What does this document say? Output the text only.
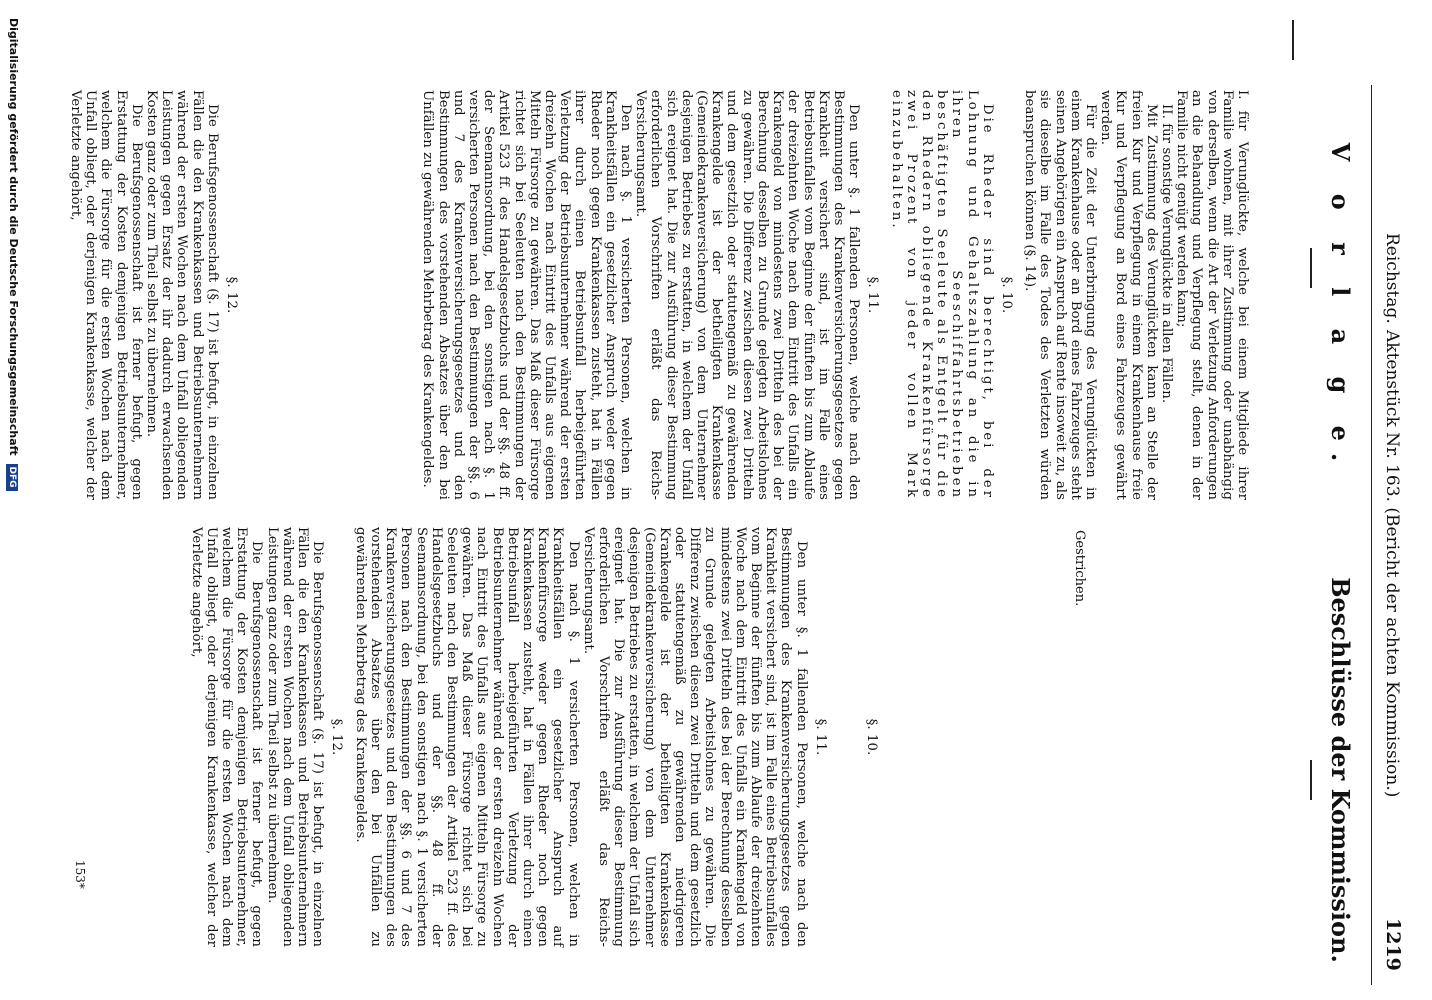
Reichstag.
Aktenstück Nr. 163. (Bericht der achten Kommission.)
1219
V o r l a g e.
Beschlüsse der Kommission.

I. für Verunglückte, welche bei einem Mitgliede ihrer Familie wohnen, mit ihrer Zustimmung oder unabhängig von derselben, wenn die Art der Verletzung Anforderungen an die Behandlung und Verpflegung stellt, denen in der Familie nicht genügt werden kann;

II. für sonstige Verunglückte in allen Fällen.

Mit Zustimmung des Verunglückten kann an Stelle der freien Kur und Verpflegung in einem Krankenhause freie Kur und Verpflegung an Bord eines Fahrzeuges gewährt werden.

Für die Zeit der Unterbringung des Verunglückten in einem Krankenhause oder an Bord eines Fahrzeuges steht seinen Angehörigen ein Anspruch auf Rente insoweit zu, als sie dieselbe im Falle des Todes des Verletzten würden beanspruchen können (§. 14).

§. 10.

Die Rheder sind berechtigt, bei der Lohnung und Gehaltszahlung an die in ihren Seeschiffahrtsbetrieben beschäftigten Seeleute als Entgelt für die den Rhedern obliegende Krankenfürsorge zwei Prozent von jeder vollen Mark einzubehalten.

§. 11.

Den unter §. 1 fallenden Personen, welche nach den Bestimmungen des Krankenversicherungsgesetzes gegen Krankheit versichert sind, ist im Falle eines Betriebsunfalles vom Beginne der fünften bis zum Ablaufe der dreizehnten Woche nach dem Eintritt des Unfalls ein Krankengeld von mindestens zwei Dritteln des bei der Berechnung desselben zu Grunde gelegten Arbeitslohnes zu gewähren. Die Differenz zwischen diesen zwei Dritteln und dem gesetzlich oder statutengemäß zu gewährenden Krankengelde ist der betheiligten Krankenkasse (Gemeindekrankenversicherung) von dem Unternehmer desjenigen Betriebes zu erstatten, in welchem der Unfall sich ereignet hat. Die zur Ausführung dieser Bestimmung erforderlichen Vorschriften erläßt das Reichs-Versicherungsamt.

Den nach §. 1 versicherten Personen, welchen in Krankheitsfällen ein gesetzlicher Anspruch weder gegen Rheder noch gegen Krankenkassen zusteht, hat in Fällen ihrer durch einen Betriebsunfall herbeigeführten Verletzung der Betriebsunternehmer während der ersten dreizehn Wochen nach Eintritt des Unfalls aus eigenen Mitteln Fürsorge zu gewähren. Das Maß dieser Fürsorge richtet sich bei Seeleuten nach den Bestimmungen der Artikel 523 ff. des Handelsgesetzbuchs und der §§. 48 ff. der Seemannsordnung, bei den sonstigen nach §. 1 versicherten Personen nach den Bestimmungen der §§. 6 und 7 des Krankenversicherungsgesetzes und den Bestimmungen des vorstehenden Absatzes über den bei Unfällen zu gewährenden Mehrbetrag des Krankengeldes.

§. 12.

Die Berufsgenossenschaft (§. 17) ist befugt, in einzelnen Fällen die den Krankenkassen und Betriebsunternehmern während der ersten Wochen nach dem Unfall obliegenden Leistungen gegen Ersatz der ihr dadurch erwachsenden Kosten ganz oder zum Theil selbst zu übernehmen.

Die Berufsgenossenschaft ist ferner befugt, gegen Erstattung der Kosten demjenigen Betriebsunternehmer, welchem die Fürsorge für die ersten Wochen nach dem Unfall obliegt, oder derjenigen Krankenkasse, welcher der Verletzte angehört,

Gestrichen.
§. 10.
§. 11.

Den unter §. 1 fallenden Personen, welche nach den Bestimmungen des Krankenversicherungsgesetzes gegen Krankheit versichert sind, ist im Falle eines Betriebsunfalles vom Beginne der fünften bis zum Ablaufe der dreizehnten Woche nach dem Eintritt des Unfalls ein Krankengeld von mindestens zwei Dritteln des bei der Berechnung desselben zu Grunde gelegten Arbeitslohnes zu gewähren. Die Differenz zwischen diesen zwei Dritteln und dem gesetzlich oder statutengemäß zu gewährenden niedrigeren Krankengelde ist der betheiligten Krankenkasse (Gemeindekrankenversicherung) von dem Unternehmer desjenigen Betriebes zu erstatten, in welchem der Unfall sich ereignet hat. Die zur Ausführung dieser Bestimmung erforderlichen Vorschriften erläßt das Reichs-Versicherungsamt.

Den nach §. 1 versicherten Personen, welchen in Krankheitsfällen ein gesetzlicher Anspruch auf Krankenfürsorge weder gegen Rheder noch gegen Krankenkassen zusteht, hat in Fällen ihrer durch einen Betriebsunfall herbeigeführten Verletzung der Betriebsunternehmer während der ersten dreizehn Wochen nach Eintritt des Unfalls aus eigenen Mitteln Fürsorge zu gewähren. Das Maß dieser Fürsorge richtet sich bei Seeleuten nach den Bestimmungen der Artikel 523 ff. des Handelsgesetzbuchs und der §§. 48 ff. der Seemannsordnung, bei den sonstigen nach §. 1 versicherten Personen nach den Bestimmungen der §§. 6 und 7 des Krankenversicherungsgesetzes und den Bestimmungen des vorstehenden Absatzes über den bei Unfällen zu gewährenden Mehrbetrag des Krankengeldes.

§. 12.

Die Berufsgenossenschaft (§. 17) ist befugt, in einzelnen Fällen die den Krankenkassen und Betriebsunternehmern während der ersten Wochen nach dem Unfall obliegenden Leistungen ganz oder zum Theil selbst zu übernehmen.

Die Berufsgenossenschaft ist ferner befugt, gegen Erstattung der Kosten demjenigen Betriebsunternehmer, welchem die Fürsorge für die ersten Wochen nach dem Unfall obliegt, oder derjenigen Krankenkasse, welcher der Verletzte angehört,

153*
Digitalisierung gefördert durch die Deutsche Forschungsgemeinschaft DFG
